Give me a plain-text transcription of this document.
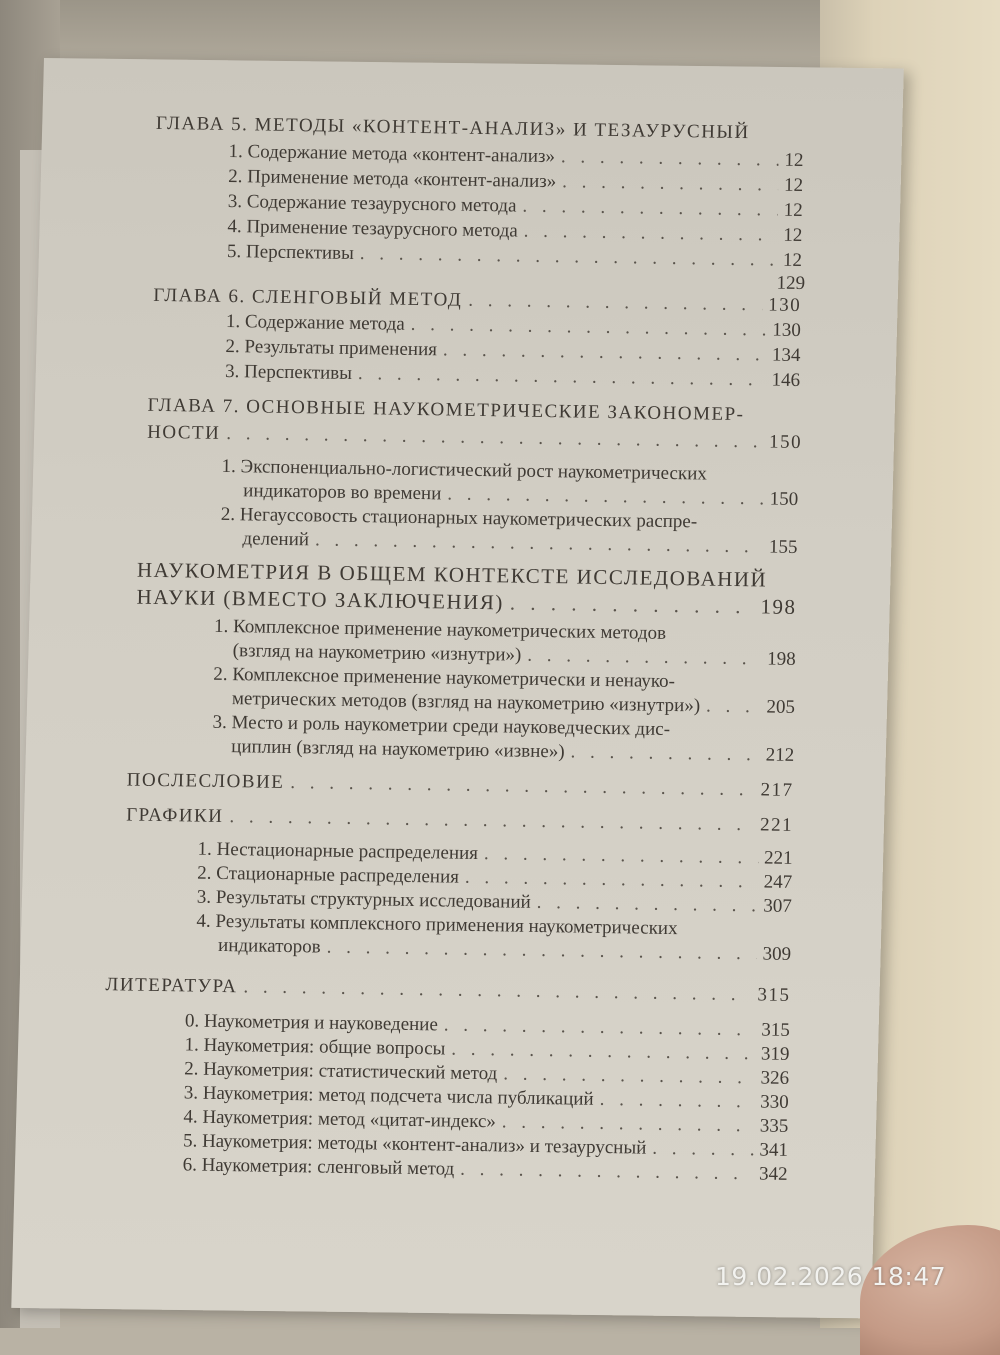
ГЛАВА 5. МЕТОДЫ «КОНТЕНТ-АНАЛИЗ» И ТЕЗАУРУСНЫЙ
1. Содержание метода «контент-анализ» . . .	12
2. Применение метода «контент-анализ» . . .	12
3. Содержание тезаурусного метода . . .	12
4. Применение тезаурусного метода . . .	12
5. Перспективы . . .	12
129
ГЛАВА 6. СЛЕНГОВЫЙ МЕТОД . . .	130
1. Содержание метода . . .	130
2. Результаты применения . . .	134
3. Перспективы . . .	146
ГЛАВА 7. ОСНОВНЫЕ НАУКОМЕТРИЧЕСКИЕ ЗАКОНОМЕР-
НОСТИ . . .	150
1. Экспоненциально-логистический рост наукометрических
индикаторов во времени . . .	150
2. Негауссовость стационарных наукометрических распре-
делений . . .	155
НАУКОМЕТРИЯ В ОБЩЕМ КОНТЕКСТЕ ИССЛЕДОВАНИЙ
НАУКИ (ВМЕСТО ЗАКЛЮЧЕНИЯ) . . .	198
1. Комплексное применение наукометрических методов
(взгляд на наукометрию «изнутри») . . .	198
2. Комплексное применение наукометрически и ненауко-
метрических методов (взгляд на наукометрию «изнутри») . . .	205
3. Место и роль наукометрии среди науковедческих дис-
циплин (взгляд на наукометрию «извне») . . .	212
ПОСЛЕСЛОВИЕ . . .	217
ГРАФИКИ . . .	221
1. Нестационарные распределения . . .	221
2. Стационарные распределения . . .	247
3. Результаты структурных исследований . . .	307
4. Результаты комплексного применения наукометрических
индикаторов . . .	309
ЛИТЕРАТУРА . . .	315
0. Наукометрия и науковедение . . .	315
1. Наукометрия: общие вопросы . . .	319
2. Наукометрия: статистический метод . . .	326
3. Наукометрия: метод подсчета числа публикаций . . .	330
4. Наукометрия: метод «цитат-индекс» . . .	335
5. Наукометрия: методы «контент-анализ» и тезаурусный . . .	341
6. Наукометрия: сленговый метод . . .	342
19.02.2026 18:47
